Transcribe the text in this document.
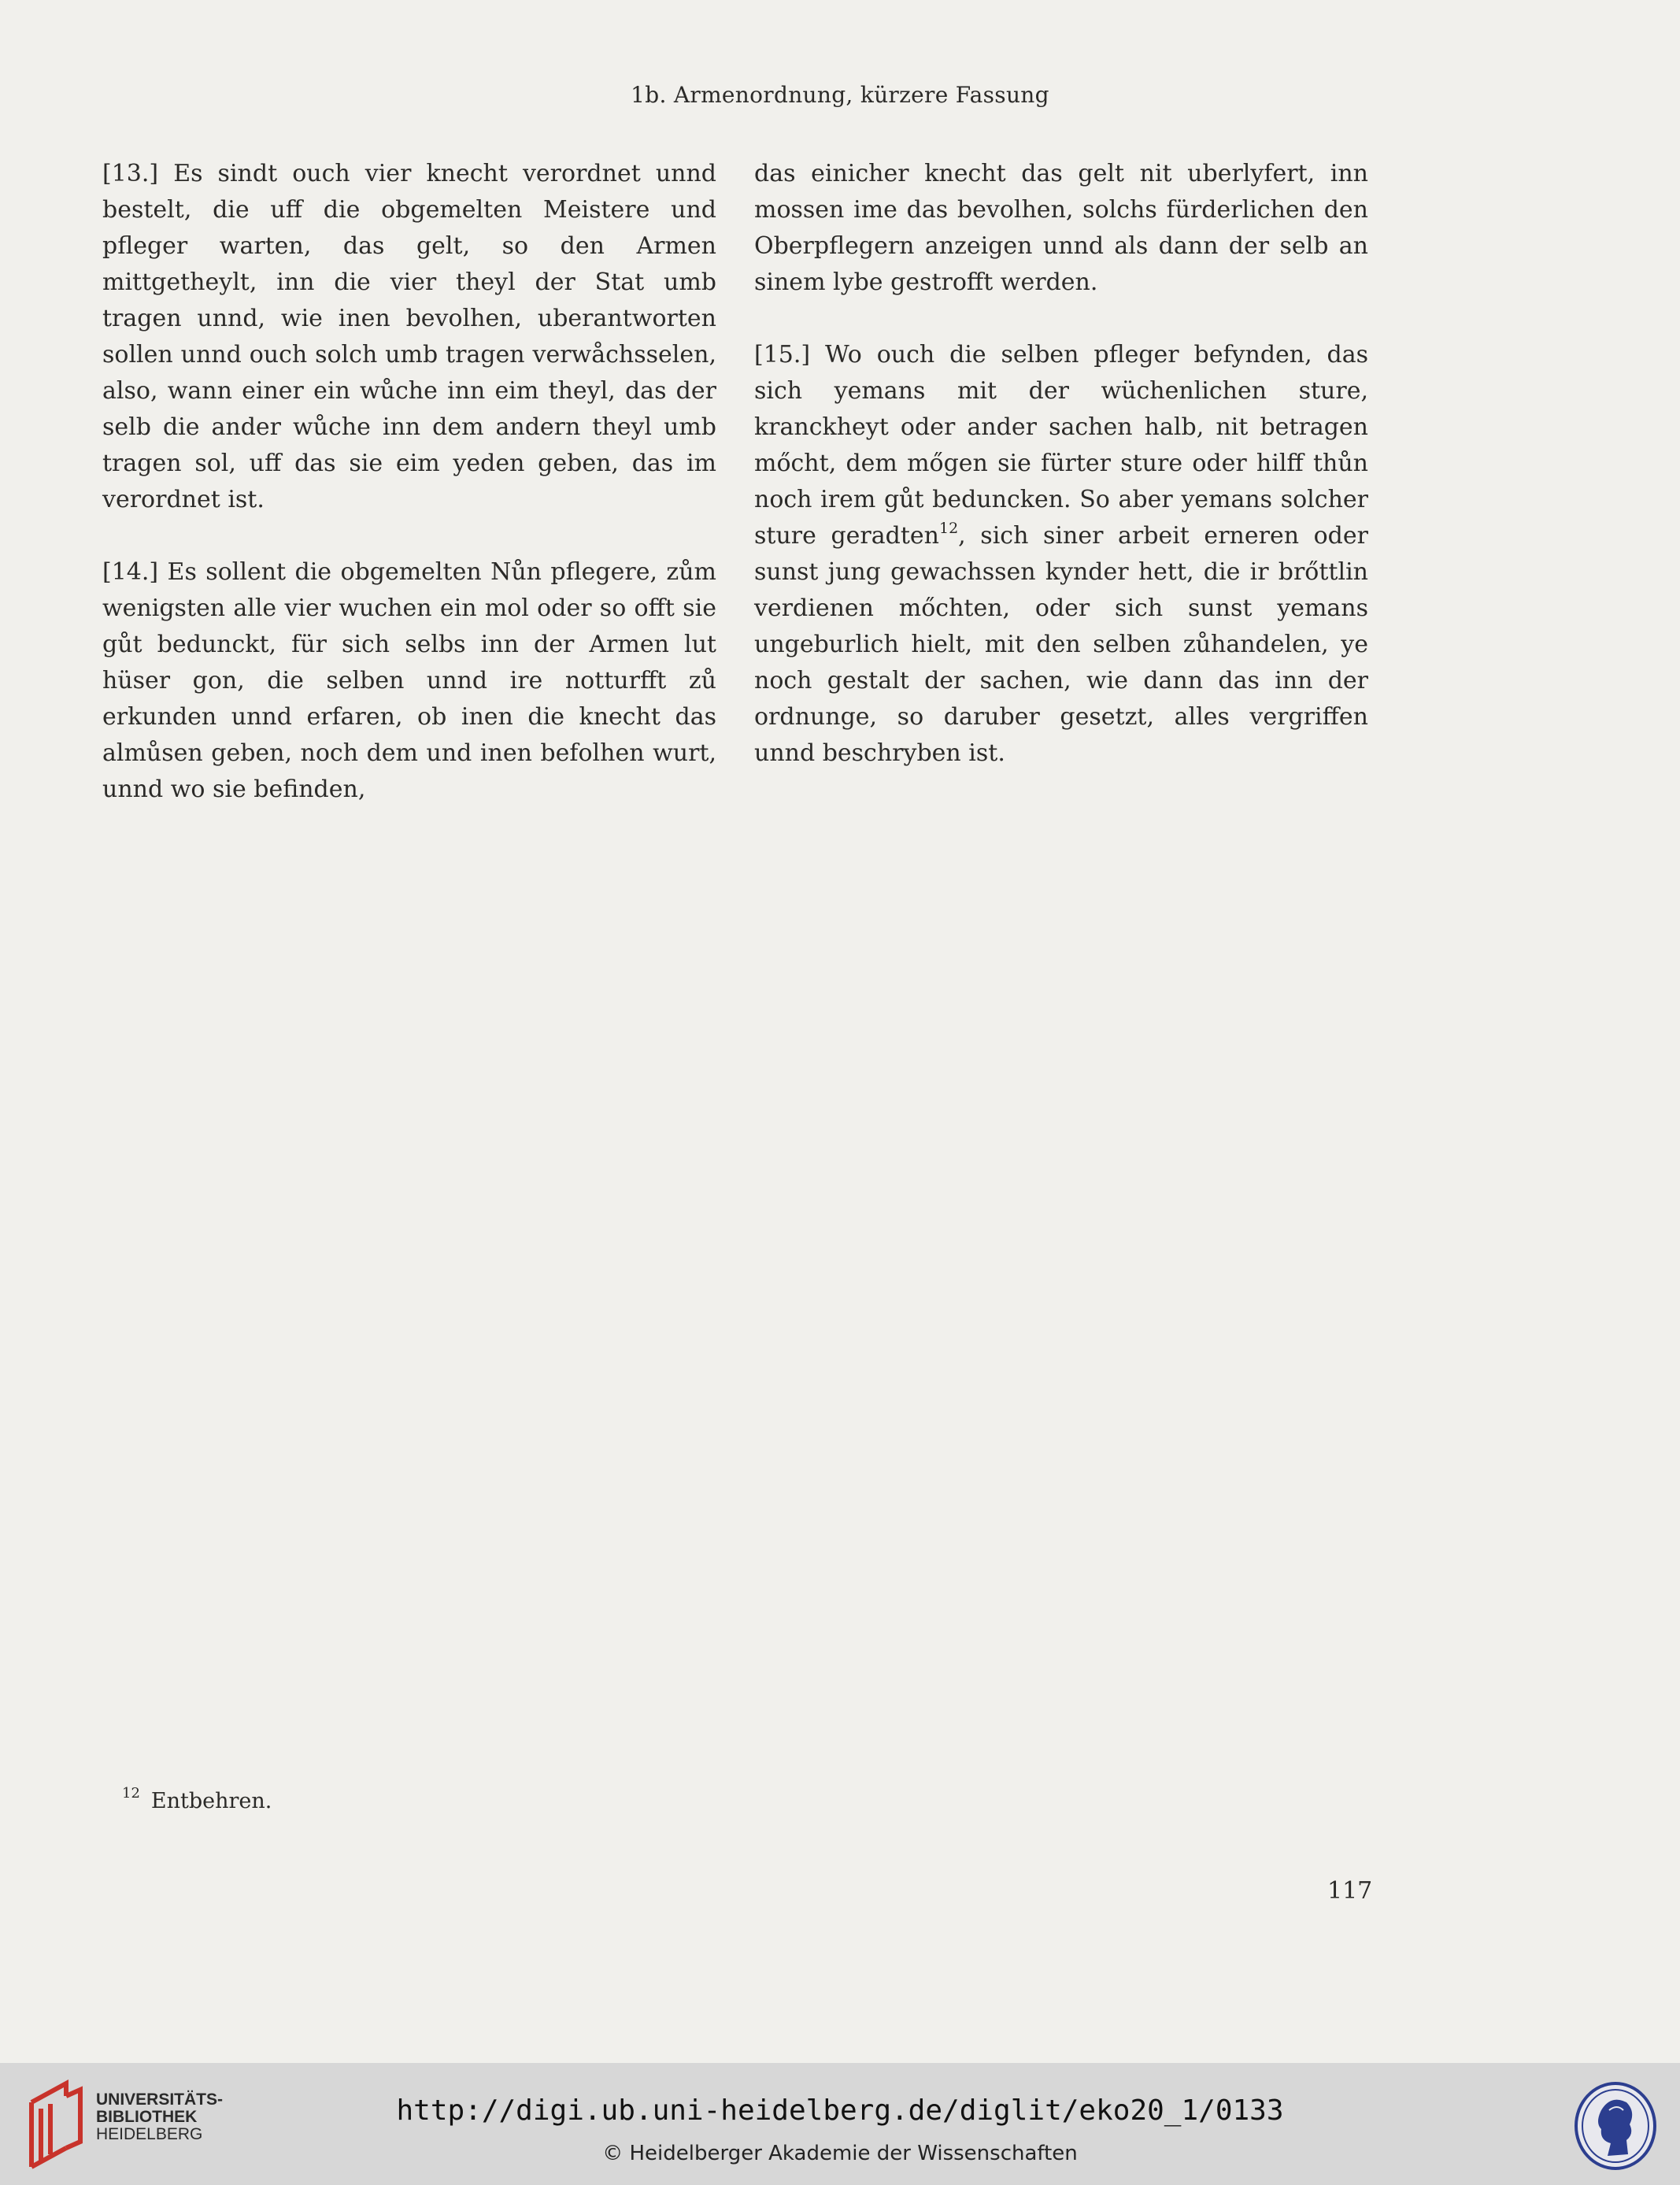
1b. Armenordnung, kürzere Fassung

[13.] Es sindt ouch vier knecht verordnet unnd bestelt, die uff die obgemelten Meistere und pfleger warten, das gelt, so den Armen mittgetheylt, inn die vier theyl der Stat umb tragen unnd, wie inen bevolhen, uberantworten sollen unnd ouch solch umb tragen verwåchsselen, also, wann einer ein wůche inn eim theyl, das der selb die ander wůche inn dem andern theyl umb tragen sol, uff das sie eim yeden geben, das im verordnet ist.

[14.] Es sollent die obgemelten Nůn pflegere, zům wenigsten alle vier wuchen ein mol oder so offt sie gůt bedunckt, für sich selbs inn der Armen lut hüser gon, die selben unnd ire notturfft zů erkunden unnd erfaren, ob inen die knecht das almůsen geben, noch dem und inen befolhen wurt, unnd wo sie befinden,

das einicher knecht das gelt nit uberlyfert, inn mossen ime das bevolhen, solchs fürderlichen den Oberpflegern anzeigen unnd als dann der selb an sinem lybe gestrofft werden.

[15.] Wo ouch die selben pfleger befynden, das sich yemans mit der wüchenlichen sture, kranckheyt oder ander sachen halb, nit betragen mőcht, dem mőgen sie fürter sture oder hilff thůn noch irem gůt beduncken. So aber yemans solcher sture geradten$^{12}$, sich siner arbeit erneren oder sunst jung gewachssen kynder hett, die ir brőttlin verdienen mőchten, oder sich sunst yemans ungeburlich hielt, mit den selben zůhandelen, ye noch gestalt der sachen, wie dann das inn der ordnunge, so daruber gesetzt, alles vergriffen unnd beschryben ist.

$^{12}$ Entbehren.
117
UNIVERSITÄTS-
BIBLIOTHEK
HEIDELBERG
http://digi.ub.uni-heidelberg.de/diglit/eko20_1/0133
© Heidelberger Akademie der Wissenschaften
